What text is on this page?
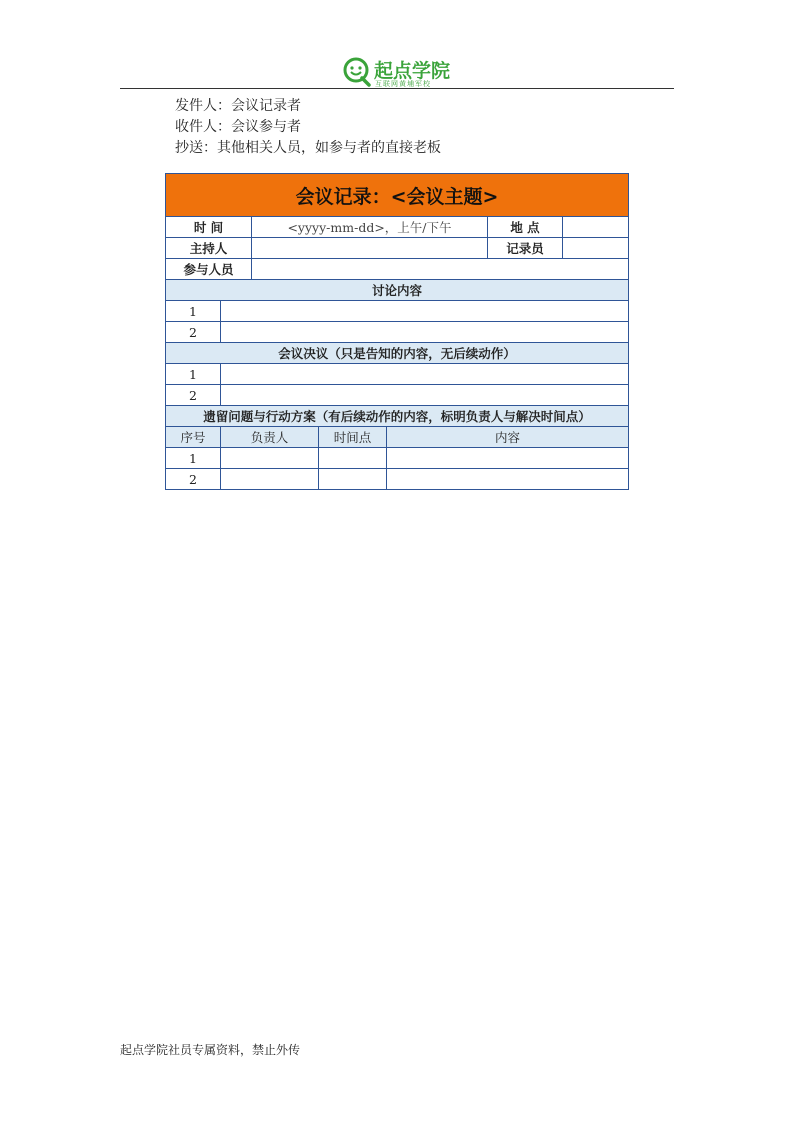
起点学院
互联网黄埔军校
发件人：会议记录者
收件人：会议参与者
抄送：其他相关人员，如参与者的直接老板
会议记录：<会议主题>						
时 间		<yyyy-mm-dd>，上午/下午			地 点	
主持人					记录员	
参与人员						
讨论内容						
1						
2						
会议决议（只是告知的内容，无后续动作）						
1						
2						
遗留问题与行动方案（有后续动作的内容，标明负责人与解决时间点）						
序号	负责人		时间点	内容		
1						
2						
起点学院社员专属资料，禁止外传
